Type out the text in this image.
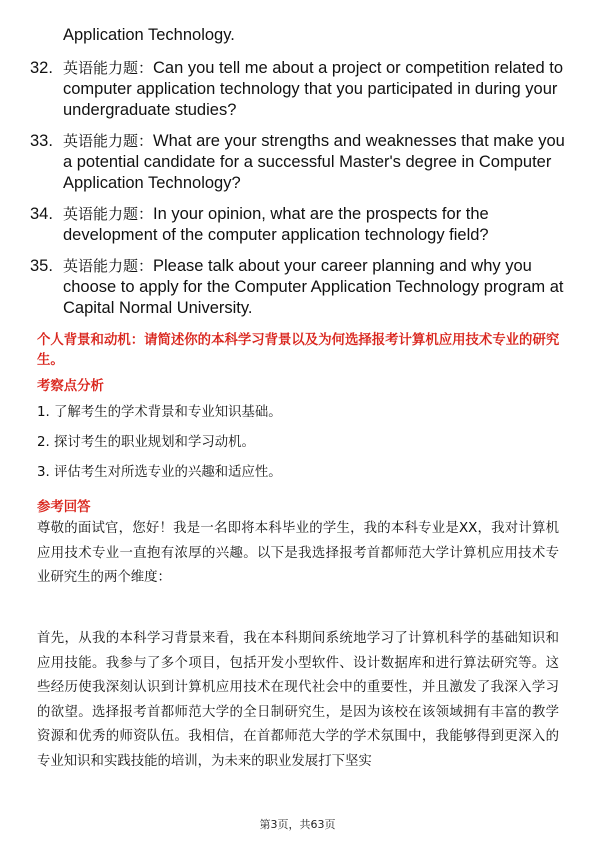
Application Technology.
32. 英语能力题：Can you tell me about a project or competition related to computer application technology that you participated in during your undergraduate studies?
33. 英语能力题：What are your strengths and weaknesses that make you a potential candidate for a successful Master's degree in Computer Application Technology?
34. 英语能力题：In your opinion, what are the prospects for the development of the computer application technology field?
35. 英语能力题：Please talk about your career planning and why you choose to apply for the Computer Application Technology program at Capital Normal University.
个人背景和动机：请简述你的本科学习背景以及为何选择报考计算机应用技术专业的研究生。
考察点分析
1. 了解考生的学术背景和专业知识基础。
2. 探讨考生的职业规划和学习动机。
3. 评估考生对所选专业的兴趣和适应性。
参考回答

尊敬的面试官，您好！我是一名即将本科毕业的学生，我的本科专业是XX，我对计算机应用技术专业一直抱有浓厚的兴趣。以下是我选择报考首都师范大学计算机应用技术专业研究生的两个维度：

首先，从我的本科学习背景来看，我在本科期间系统地学习了计算机科学的基础知识和应用技能。我参与了多个项目，包括开发小型软件、设计数据库和进行算法研究等。这些经历使我深刻认识到计算机应用技术在现代社会中的重要性，并且激发了我深入学习的欲望。选择报考首都师范大学的全日制研究生，是因为该校在该领域拥有丰富的教学资源和优秀的师资队伍。我相信，在首都师范大学的学术氛围中，我能够得到更深入的专业知识和实践技能的培训，为未来的职业发展打下坚实

第3页，共63页
